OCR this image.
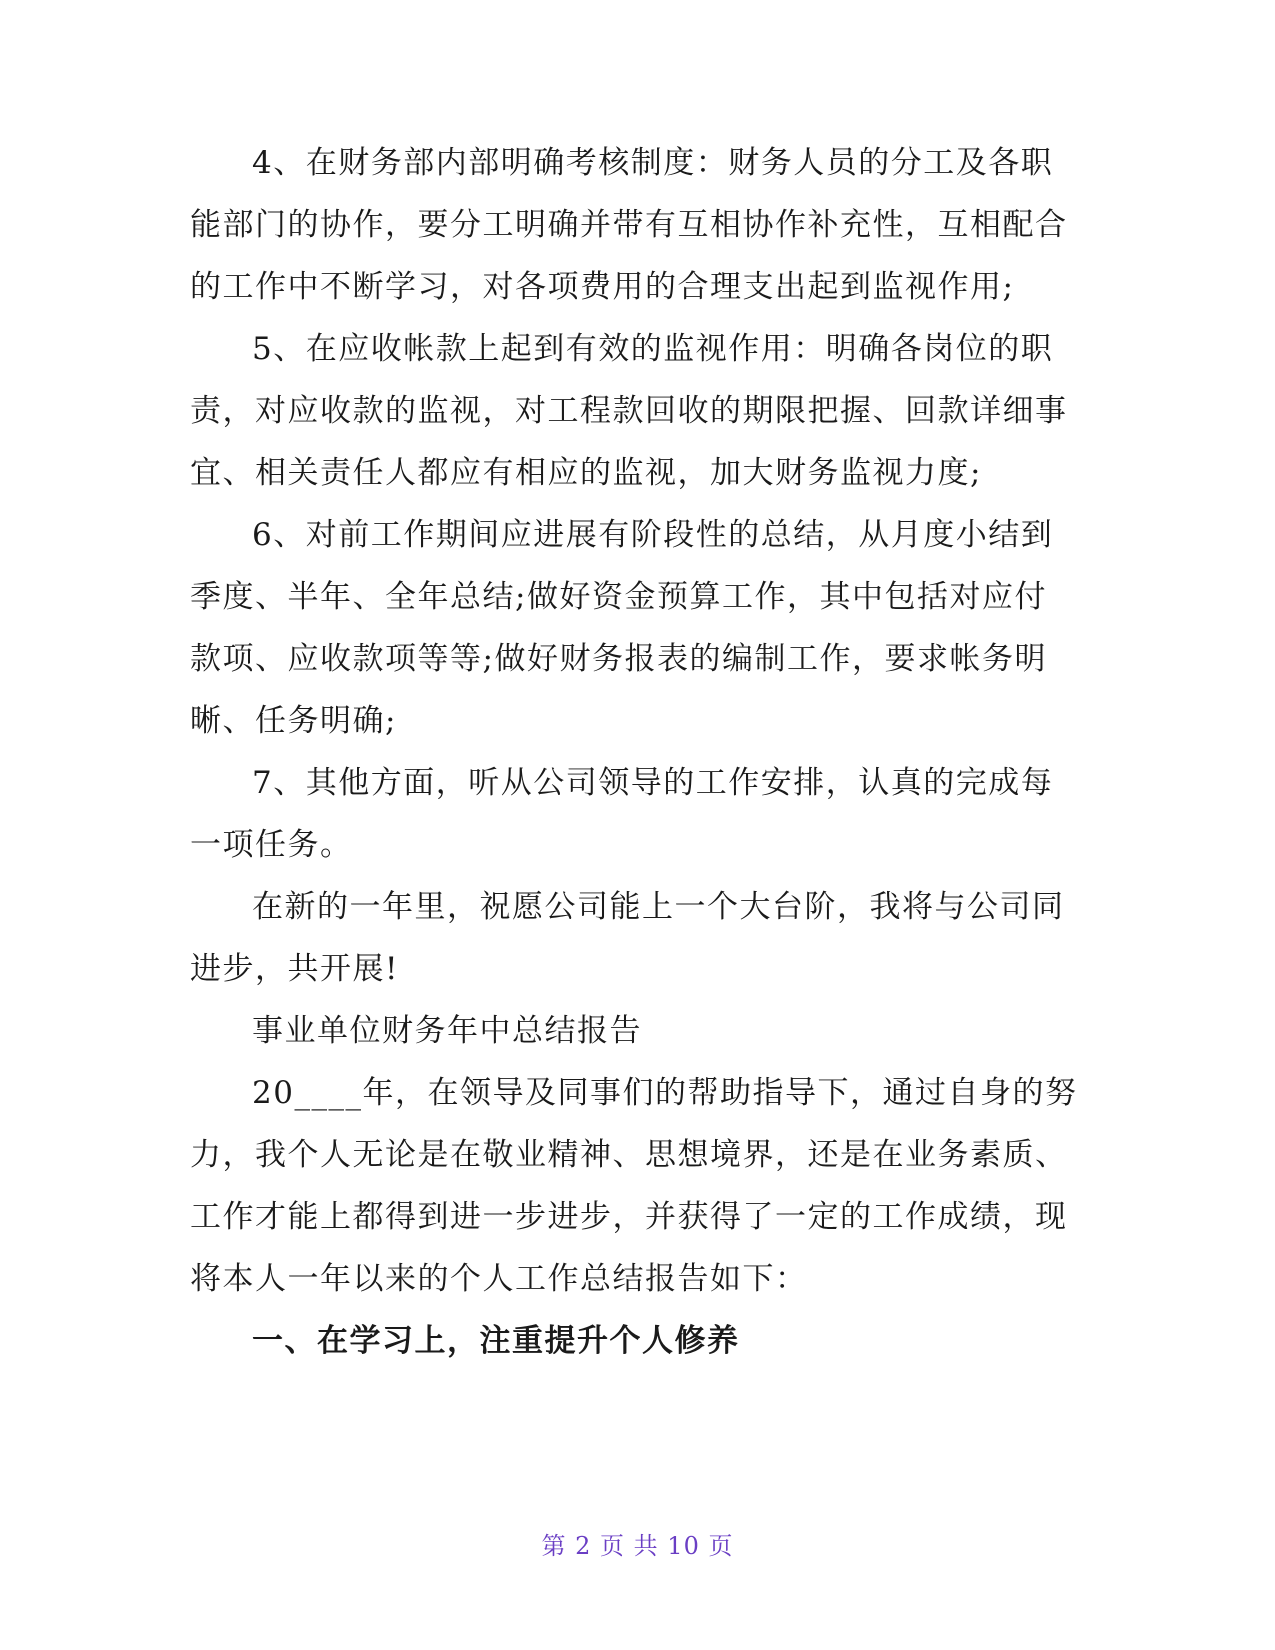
4、在财务部内部明确考核制度：财务人员的分工及各职
能部门的协作，要分工明确并带有互相协作补充性，互相配合
的工作中不断学习，对各项费用的合理支出起到监视作用;
5、在应收帐款上起到有效的监视作用：明确各岗位的职
责，对应收款的监视，对工程款回收的期限把握、回款详细事
宜、相关责任人都应有相应的监视，加大财务监视力度;
6、对前工作期间应进展有阶段性的总结，从月度小结到
季度、半年、全年总结;做好资金预算工作，其中包括对应付
款项、应收款项等等;做好财务报表的编制工作，要求帐务明
晰、任务明确;
7、其他方面，听从公司领导的工作安排，认真的完成每
一项任务。
在新的一年里，祝愿公司能上一个大台阶，我将与公司同
进步，共开展!
事业单位财务年中总结报告
20____年，在领导及同事们的帮助指导下，通过自身的努
力，我个人无论是在敬业精神、思想境界，还是在业务素质、
工作才能上都得到进一步进步，并获得了一定的工作成绩，现
将本人一年以来的个人工作总结报告如下：
一、在学习上，注重提升个人修养
第 2 页 共 10 页
